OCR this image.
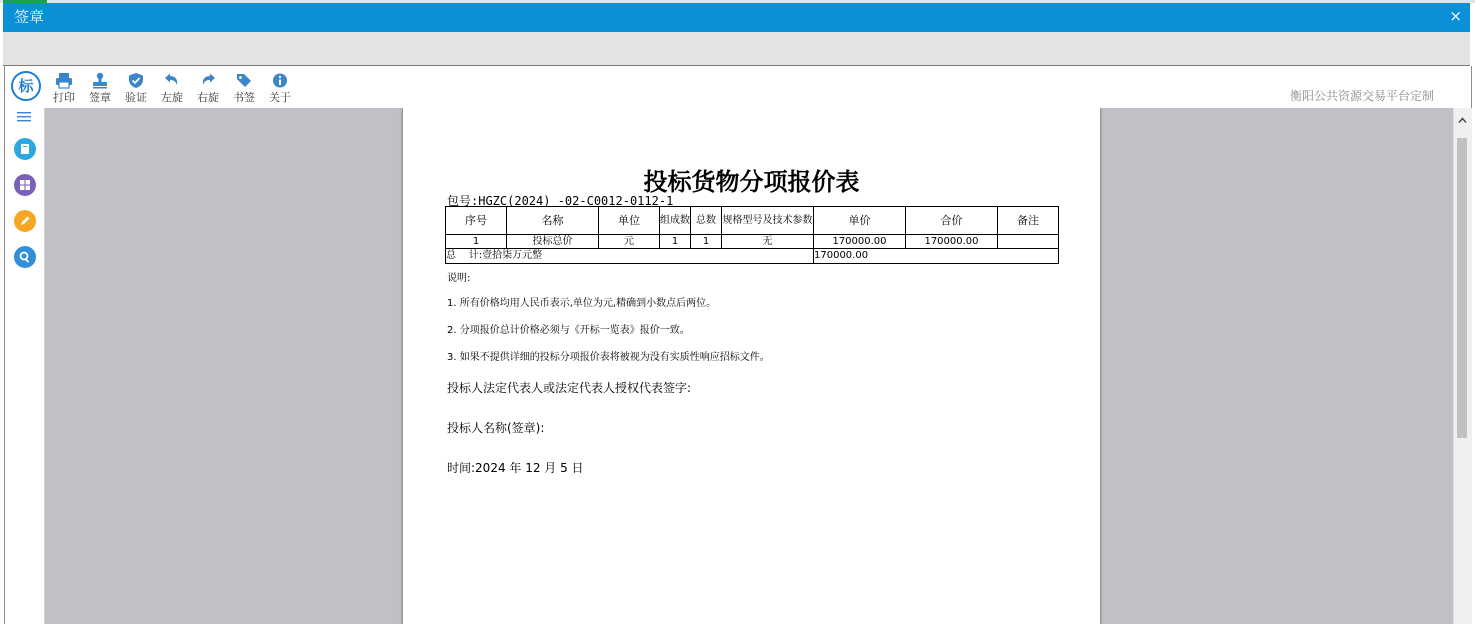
签章	×
标
打印 签章 验证 左旋 右旋 书签 关于	衡阳公共资源交易平台定制
投标货物分项报价表
包号:HGZC(2024) -02-C0012-0112-1
序号	名称	单位	组成数	总数	规格型号及技术参数	单价	合价	备注
1	投标总价	元	1	1	无	170000.00	170000.00	
总    计:壹拾柒万元整						170000.00		
说明:
1. 所有价格均用人民币表示,单位为元,精确到小数点后两位。
2. 分项报价总计价格必须与《开标一览表》报价一致。
3. 如果不提供详细的投标分项报价表将被视为没有实质性响应招标文件。
投标人法定代表人或法定代表人授权代表签字:
投标人名称(签章):
时间:2024 年 12 月 5 日
